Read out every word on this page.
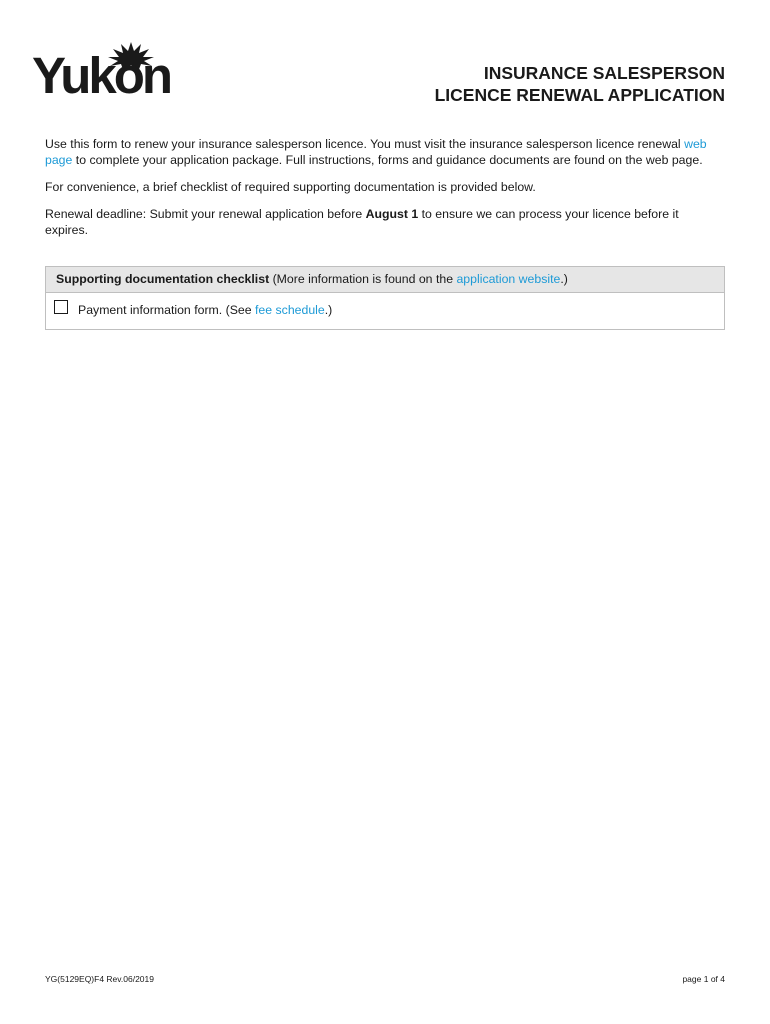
Yukon	INSURANCE SALESPERSON
LICENCE RENEWAL APPLICATION

Use this form to renew your insurance salesperson licence. You must visit the insurance salesperson licence renewal web page to complete your application package. Full instructions, forms and guidance documents are found on the web page.

For convenience, a brief checklist of required supporting documentation is provided below.

Renewal deadline: Submit your renewal application before August 1 to ensure we can process your licence before it expires.

Supporting documentation checklist (More information is found on the application website.)
Payment information form. (See fee schedule.)
YG(5129EQ)F4 Rev.06/2019	page 1 of 4
